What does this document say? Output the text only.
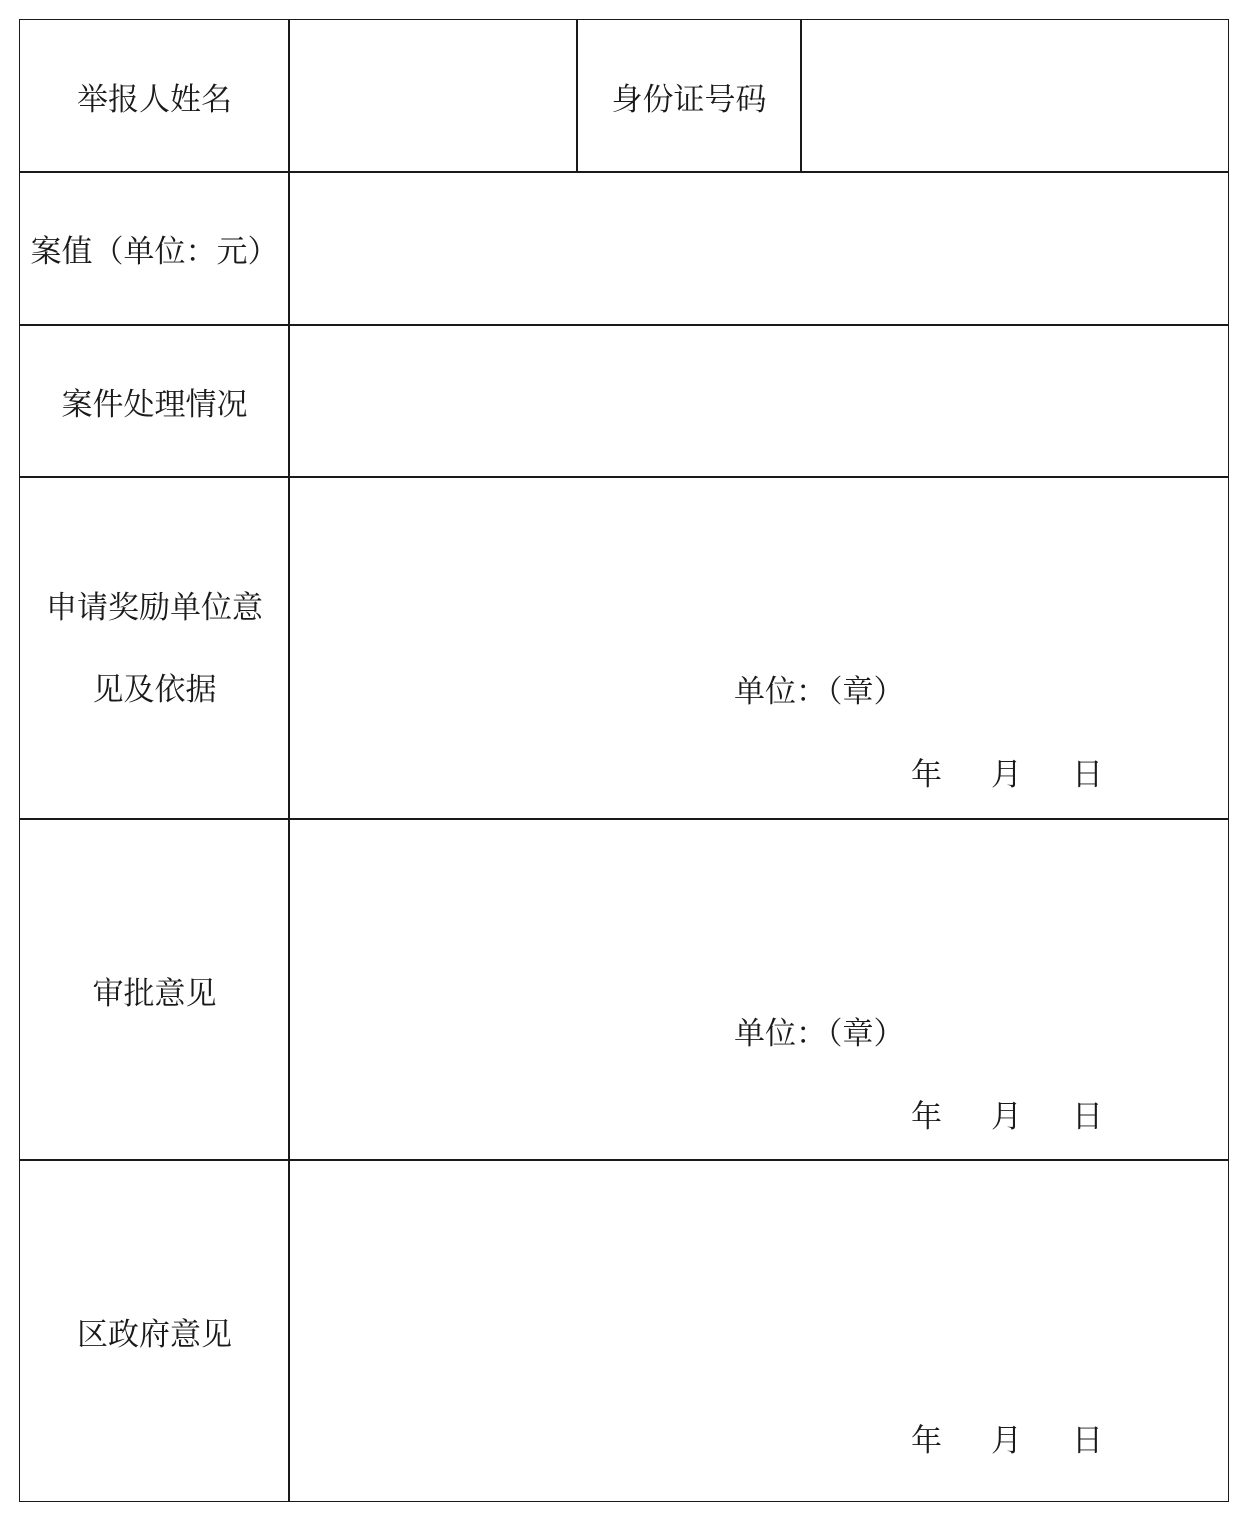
举报人姓名	身份证号码
案值（单位：元）
案件处理情况
申请奖励单位意见及依据	单位：（章）
年 月 日
审批意见
单位：（章）
年 月 日
区政府意见
年 月 日
